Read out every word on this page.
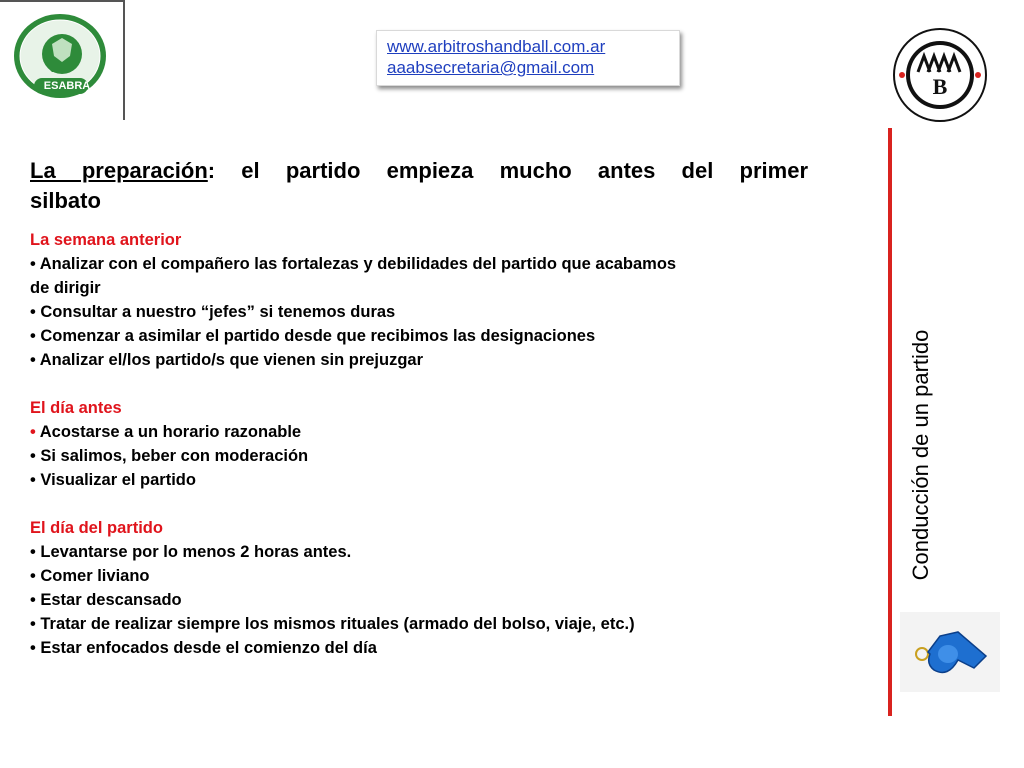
ESABRA
www.arbitroshandball.com.ar
aaabsecretaria@gmail.com
B
Conducción de un partido
La preparación: el partido empieza mucho antes del primer
silbato
La semana anterior
• Analizar con el compañero las fortalezas y debilidades del partido que acabamos
de dirigir
• Consultar a nuestro “jefes” si tenemos duras
• Comenzar a asimilar el partido desde que recibimos las designaciones
• Analizar el/los partido/s que vienen sin prejuzgar
El día antes
• Acostarse a un horario razonable
• Si salimos, beber con moderación
• Visualizar el partido
El día del partido
• Levantarse por lo menos 2 horas antes.
• Comer liviano
• Estar descansado
• Tratar de realizar siempre los mismos rituales (armado del bolso, viaje, etc.)
• Estar enfocados desde el comienzo del día
